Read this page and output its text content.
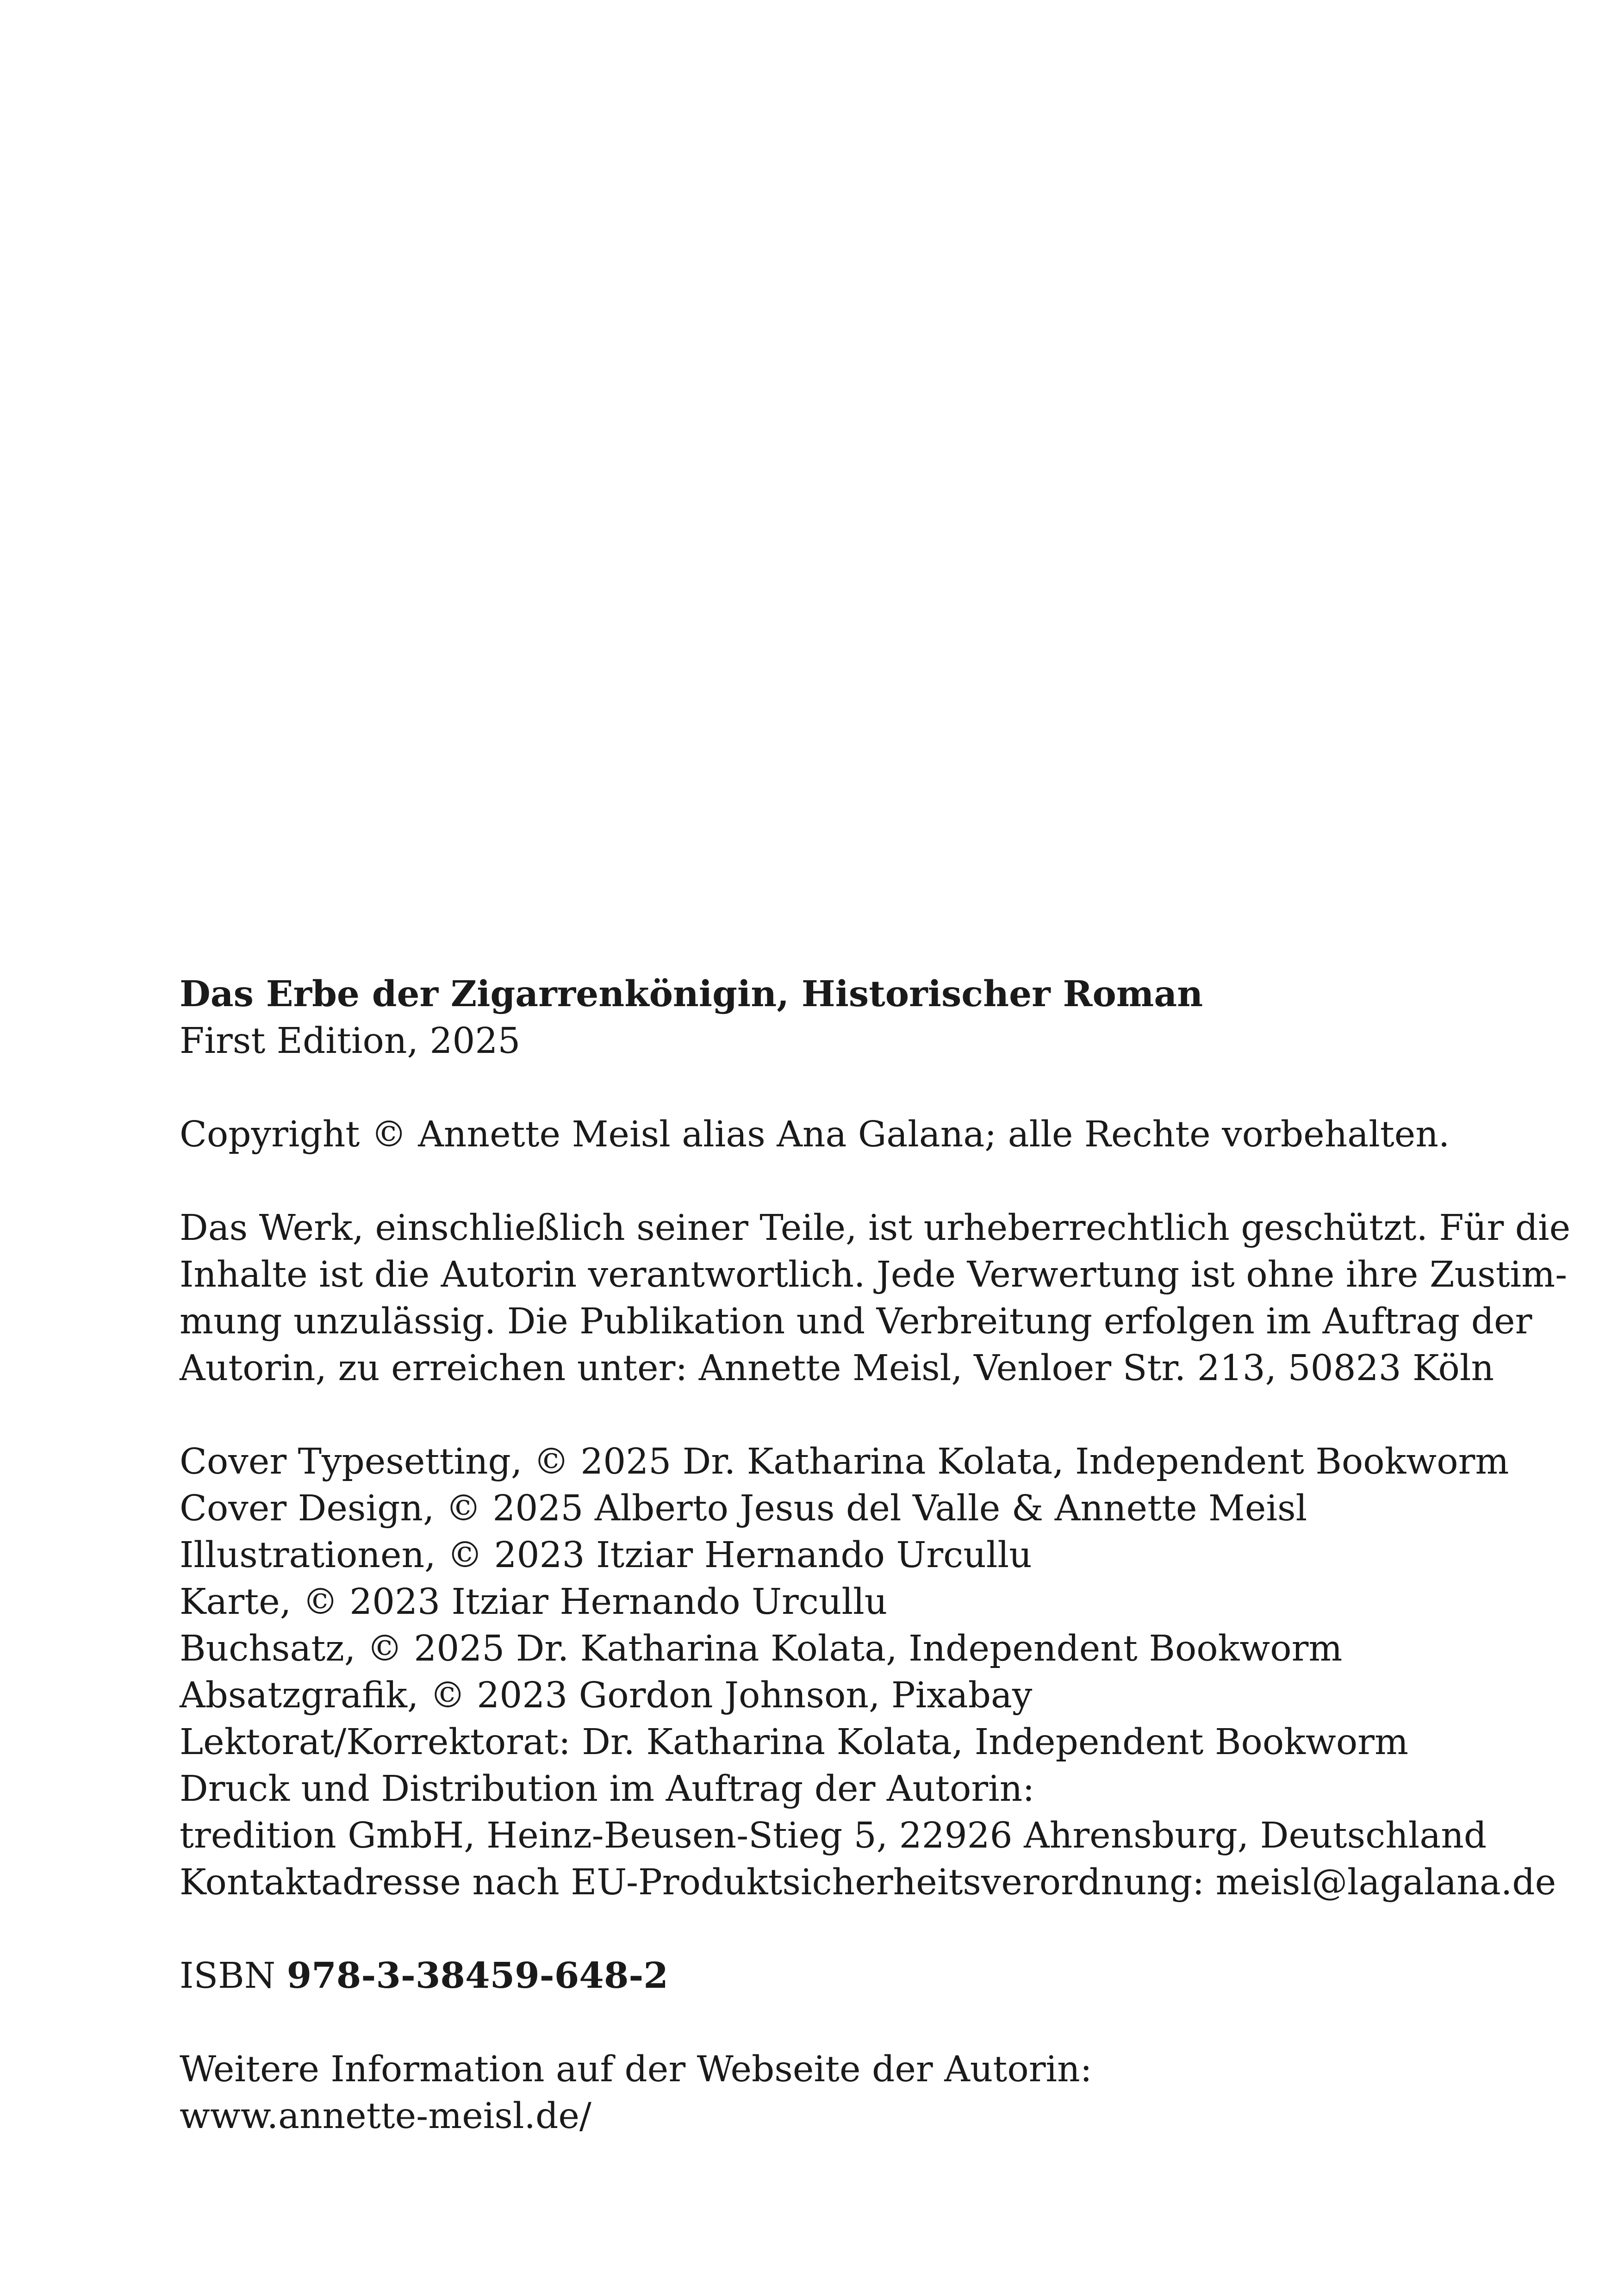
Das Erbe der Zigarrenkönigin, Historischer Roman
First Edition, 2025
Copyright © Annette Meisl alias Ana Galana; alle Rechte vorbehalten.
Das Werk, einschließlich seiner Teile, ist urheberrechtlich geschützt. Für die
Inhalte ist die Autorin verantwortlich. Jede Verwertung ist ohne ihre Zustim-
mung unzulässig. Die Publikation und Verbreitung erfolgen im Auftrag der
Autorin, zu erreichen unter: Annette Meisl, Venloer Str. 213, 50823 Köln
Cover Typesetting, © 2025 Dr. Katharina Kolata, Independent Bookworm
Cover Design, © 2025 Alberto Jesus del Valle & Annette Meisl
Illustrationen, © 2023 Itziar Hernando Urcullu
Karte, © 2023 Itziar Hernando Urcullu
Buchsatz, © 2025 Dr. Katharina Kolata, Independent Bookworm
Absatzgrafik, © 2023 Gordon Johnson, Pixabay
Lektorat/Korrektorat: Dr. Katharina Kolata, Independent Bookworm
Druck und Distribution im Auftrag der Autorin:
tredition GmbH, Heinz-Beusen-Stieg 5, 22926 Ahrensburg, Deutschland
Kontaktadresse nach EU-Produktsicherheitsverordnung: meisl@lagalana.de
ISBN 978-3-38459-648-2
Weitere Information auf der Webseite der Autorin:
www.annette-meisl.de/
